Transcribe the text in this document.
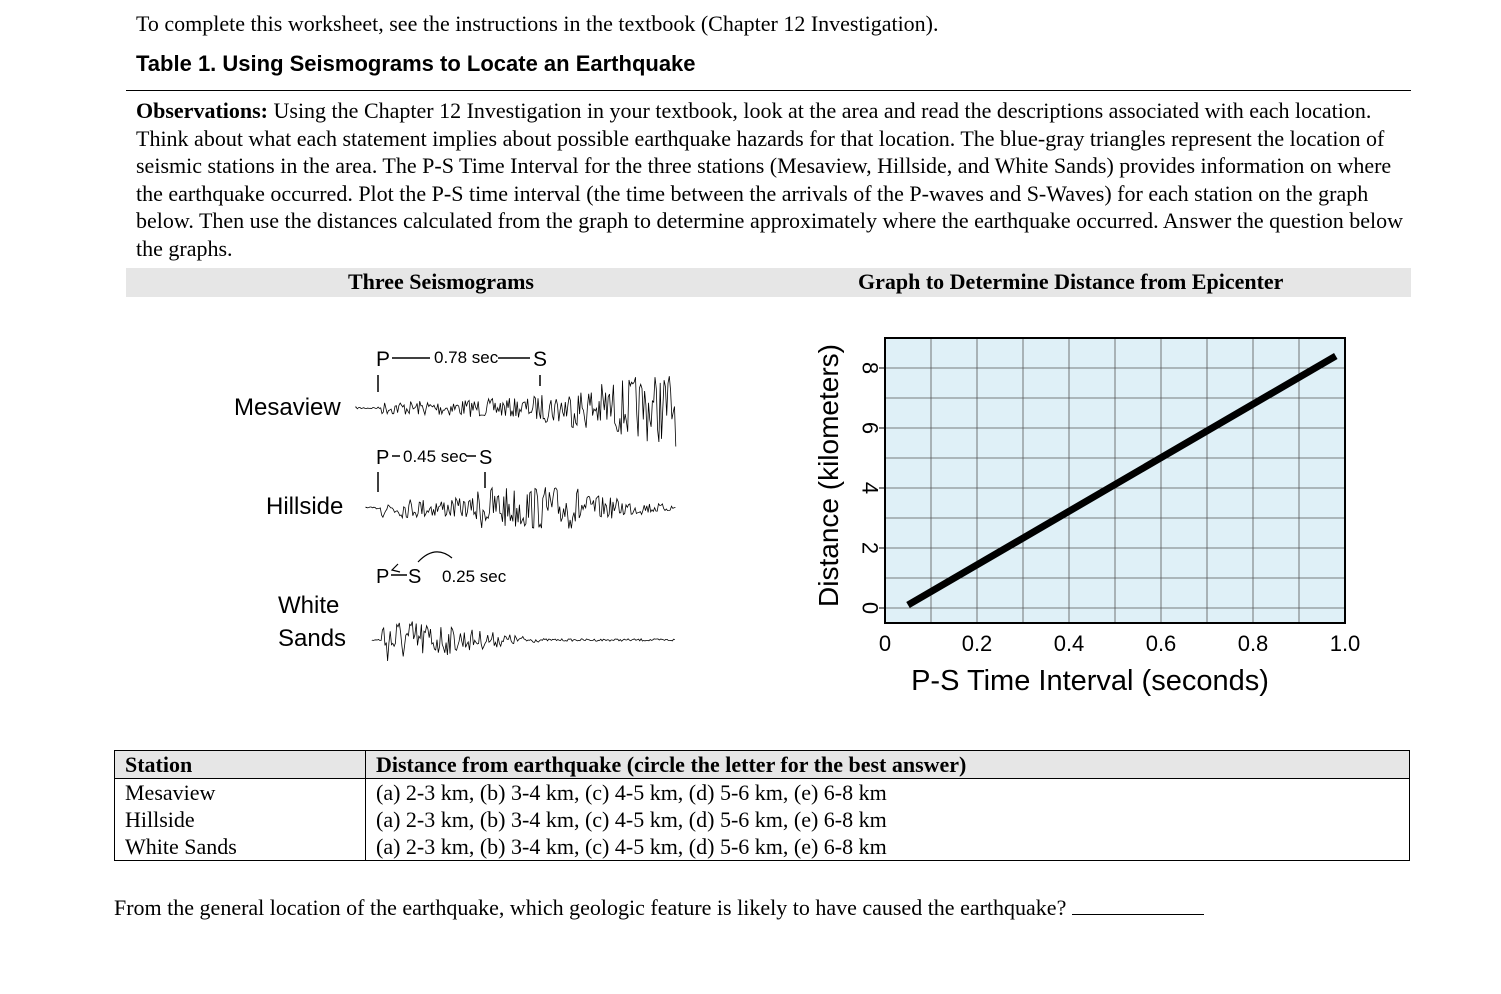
To complete this worksheet, see the instructions in the textbook (Chapter 12 Investigation).
Table 1. Using Seismograms to Locate an Earthquake
Observations: Using the Chapter 12 Investigation in your textbook, look at the area and read the descriptions associated with each location. Think about what each statement implies about possible earthquake hazards for that location. The blue-gray triangles represent the location of seismic stations in the area. The P-S Time Interval for the three stations (Mesaview, Hillside, and White Sands) provides information on where the earthquake occurred. Plot the P-S time interval (the time between the arrivals of the P-waves and S-Waves) for each station on the graph below. Then use the distances calculated from the graph to determine approximately where the earthquake occurred. Answer the question below the graphs.
Three Seismograms	Graph to Determine Distance from Epicenter
Mesaview
P	0.78 sec S
Hillside
P 0.45 sec S
White
Sands
P S 0.25 sec
0
2
4
6
8
0	0.2	0.4	0.6	0.8	1.0
P-S Time Interval (seconds)
Distance (kilometers)
Station	Distance from earthquake (circle the letter for the best answer)
Mesaview	(a) 2-3 km, (b) 3-4 km, (c) 4-5 km, (d) 5-6 km, (e) 6-8 km
Hillside	(a) 2-3 km, (b) 3-4 km, (c) 4-5 km, (d) 5-6 km, (e) 6-8 km
White Sands	(a) 2-3 km, (b) 3-4 km, (c) 4-5 km, (d) 5-6 km, (e) 6-8 km
From the general location of the earthquake, which geologic feature is likely to have caused the earthquake?
